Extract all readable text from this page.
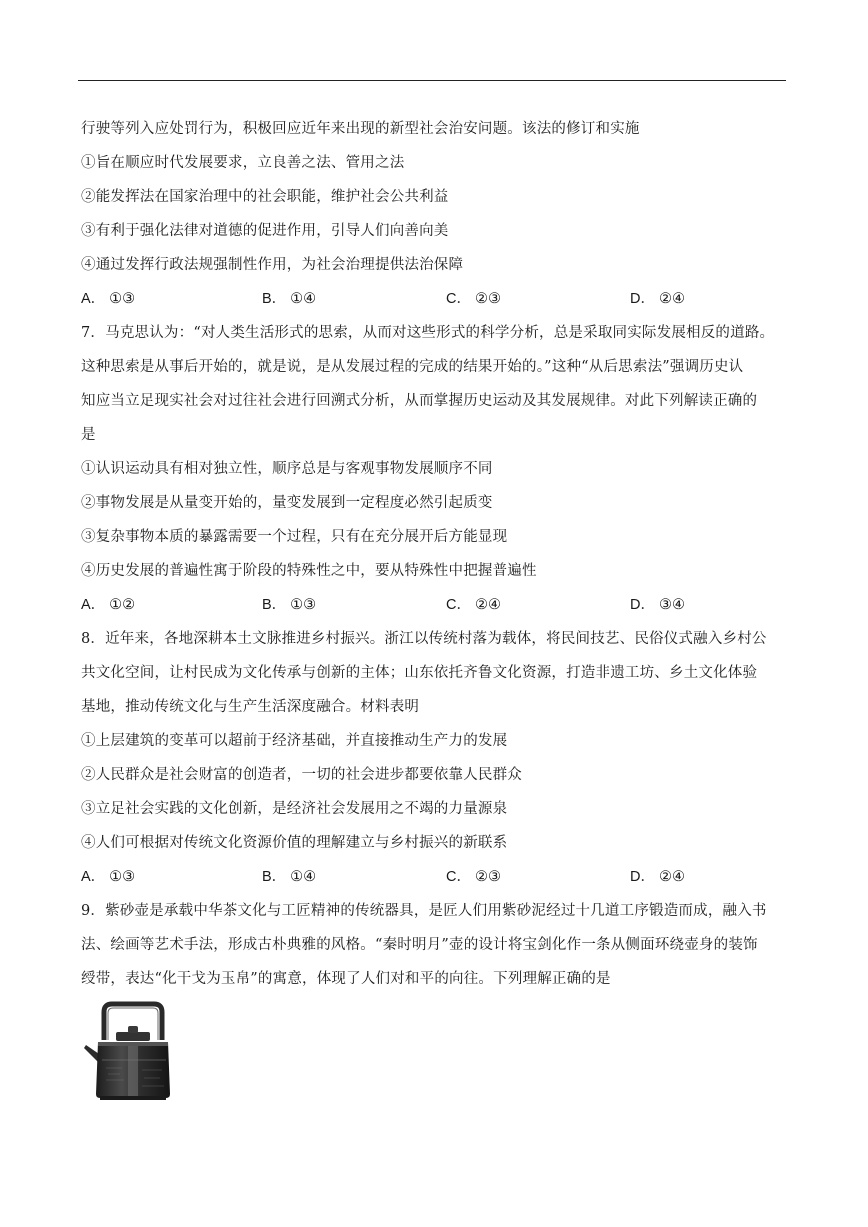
行驶等列入应处罚行为，积极回应近年来出现的新型社会治安问题。该法的修订和实施
①旨在顺应时代发展要求，立良善之法、管用之法
②能发挥法在国家治理中的社会职能，维护社会公共利益
③有利于强化法律对道德的促进作用，引导人们向善向美
④通过发挥行政法规强制性作用，为社会治理提供法治保障
A． ①③	B． ①④	C． ②③	D． ②④
7．马克思认为：“对人类生活形式的思索，从而对这些形式的科学分析，总是采取同实际发展相反的道路。
这种思索是从事后开始的，就是说，是从发展过程的完成的结果开始的。”这种“从后思索法”强调历史认
知应当立足现实社会对过往社会进行回溯式分析，从而掌握历史运动及其发展规律。对此下列解读正确的
是
①认识运动具有相对独立性，顺序总是与客观事物发展顺序不同
②事物发展是从量变开始的，量变发展到一定程度必然引起质变
③复杂事物本质的暴露需要一个过程，只有在充分展开后方能显现
④历史发展的普遍性寓于阶段的特殊性之中，要从特殊性中把握普遍性
A． ①②	B． ①③	C． ②④	D． ③④
8．近年来，各地深耕本土文脉推进乡村振兴。浙江以传统村落为载体，将民间技艺、民俗仪式融入乡村公
共文化空间，让村民成为文化传承与创新的主体；山东依托齐鲁文化资源，打造非遗工坊、乡土文化体验
基地，推动传统文化与生产生活深度融合。材料表明
①上层建筑的变革可以超前于经济基础，并直接推动生产力的发展
②人民群众是社会财富的创造者，一切的社会进步都要依靠人民群众
③立足社会实践的文化创新，是经济社会发展用之不竭的力量源泉
④人们可根据对传统文化资源价值的理解建立与乡村振兴的新联系
A． ①③	B． ①④	C． ②③	D． ②④
9．紫砂壶是承载中华茶文化与工匠精神的传统器具，是匠人们用紫砂泥经过十几道工序锻造而成，融入书
法、绘画等艺术手法，形成古朴典雅的风格。“秦时明月”壶的设计将宝剑化作一条从侧面环绕壶身的装饰
绶带，表达“化干戈为玉帛”的寓意，体现了人们对和平的向往。下列理解正确的是
